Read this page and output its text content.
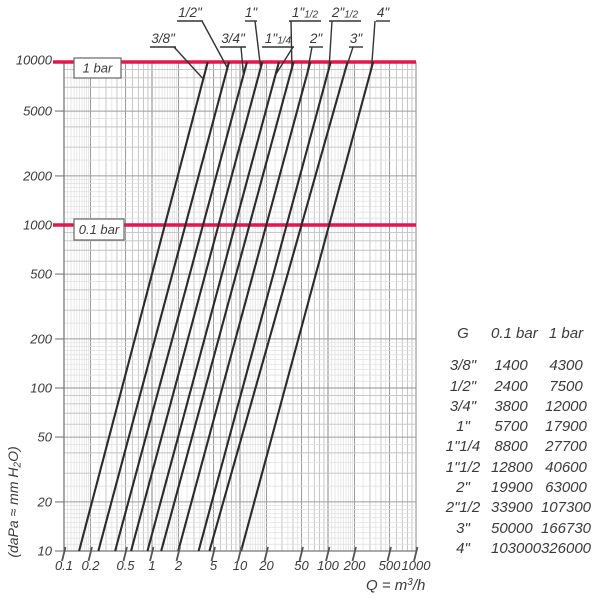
1 bar
0.1 bar
3/8"
1/2"
3/4"
1"
1"1/4
1"1/2
2"
2"1/2
3"
4"
10
20
50
100
200
500
1000
2000
5000
10000
0.1 0.2 0.5 1 2 5 10 20 50 100 200 500 1000
$Q = m^3/h$
(daPa ≈ mm H2O)
G	0.1 bar 1 bar
3/8"	1400	4300
1/2"	2400	7500
3/4"	3800	12000
1"	5700	17900
1"1/4 8800	27700
1"1/2 12800 40600
2"	19900 63000
2"1/2 33900 107300
3"	50000 166730
4"	103000 326000
